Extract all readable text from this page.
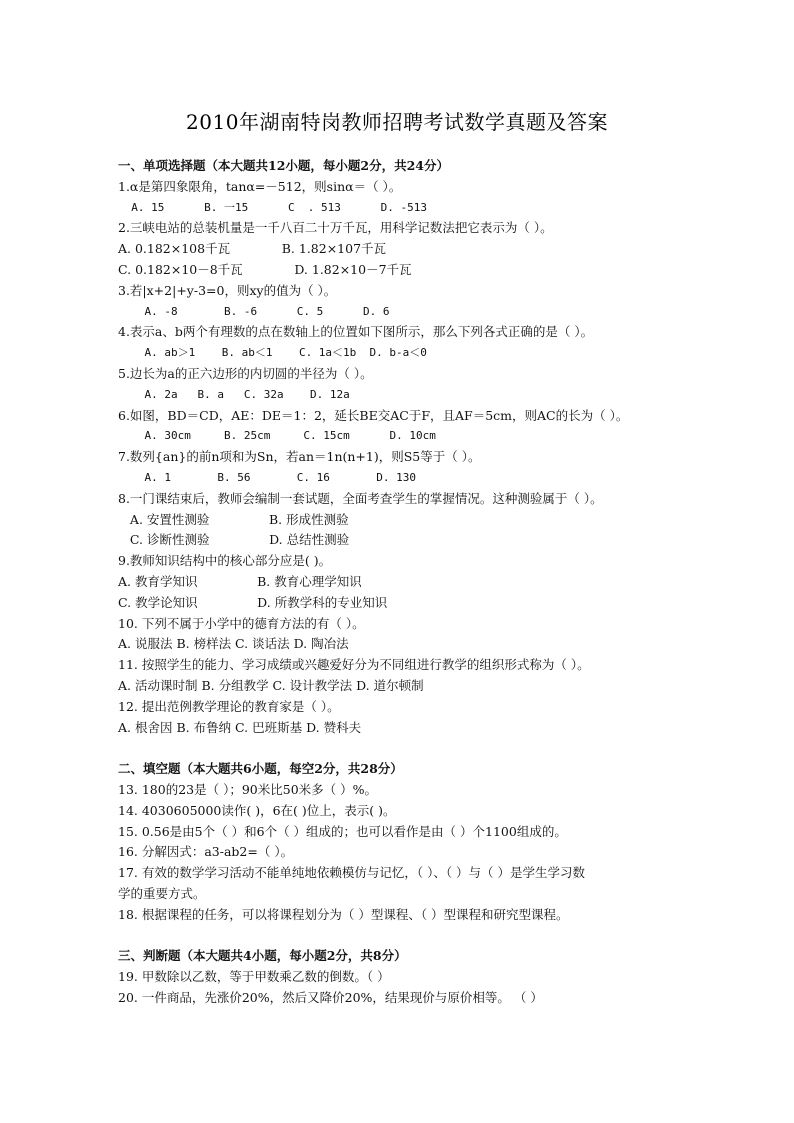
2010年湖南特岗教师招聘考试数学真题及答案
一、单项选择题（本大题共12小题，每小题2分，共24分）
1.α是第四象限角，tanα=－512，则sinα＝（ ）。
A. 15      B. 一15      C  . 513      D. -513
2.三峡电站的总装机量是一千八百二十万千瓦，用科学记数法把它表示为（ ）。
A. 0.182×108千瓦             B. 1.82×107千瓦
C. 0.182×10－8千瓦             D. 1.82×10－7千瓦
3.若|x+2|+y-3=0，则xy的值为（ ）。
A. -8       B. -6      C. 5      D. 6
4.表示a、b两个有理数的点在数轴上的位置如下图所示，那么下列各式正确的是（ ）。
A. ab＞1    B. ab＜1    C. 1a＜1b  D. b-a＜0
5.边长为a的正六边形的内切圆的半径为（ ）。
A. 2a   B. a   C. 32a    D. 12a
6.如图，BD＝CD，AE：DE＝1：2，延长BE交AC于F，且AF＝5cm，则AC的长为（ ）。
A. 30cm     B. 25cm     C. 15cm      D. 10cm
7.数列{an}的前n项和为Sn，若an＝1n(n+1)，则S5等于（ ）。
A. 1       B. 56       C. 16       D. 130
8.一门课结束后，教师会编制一套试题，全面考查学生的掌握情况。这种测验属于（ ）。
A. 安置性测验               B. 形成性测验
C. 诊断性测验               D. 总结性测验
9.教师知识结构中的核心部分应是( )。
A. 教育学知识               B. 教育心理学知识
C. 教学论知识               D. 所教学科的专业知识
10. 下列不属于小学中的德育方法的有（ ）。
A. 说服法 B. 榜样法 C. 谈话法 D. 陶冶法
11. 按照学生的能力、学习成绩或兴趣爱好分为不同组进行教学的组织形式称为（ ）。
A. 活动课时制 B. 分组教学 C. 设计教学法 D. 道尔顿制
12. 提出范例教学理论的教育家是（ ）。
A. 根舍因 B. 布鲁纳 C. 巴班斯基 D. 赞科夫
二、填空题（本大题共6小题，每空2分，共28分）
13. 180的23是（ ）；90米比50米多（ ）%。
14. 4030605000读作( )，6在( )位上，表示( )。
15. 0.56是由5个（ ）和6个（ ）组成的；也可以看作是由（ ）个1100组成的。
16. 分解因式：a3-ab2=（ ）。
17. 有效的数学学习活动不能单纯地依赖模仿与记忆，（ ）、（ ）与（ ）是学生学习数
学的重要方式。
18. 根据课程的任务，可以将课程划分为（ ）型课程、（ ）型课程和研究型课程。
三、判断题（本大题共4小题，每小题2分，共8分）
19. 甲数除以乙数，等于甲数乘乙数的倒数。（ ）
20. 一件商品，先涨价20%，然后又降价20%，结果现价与原价相等。 （ ）
